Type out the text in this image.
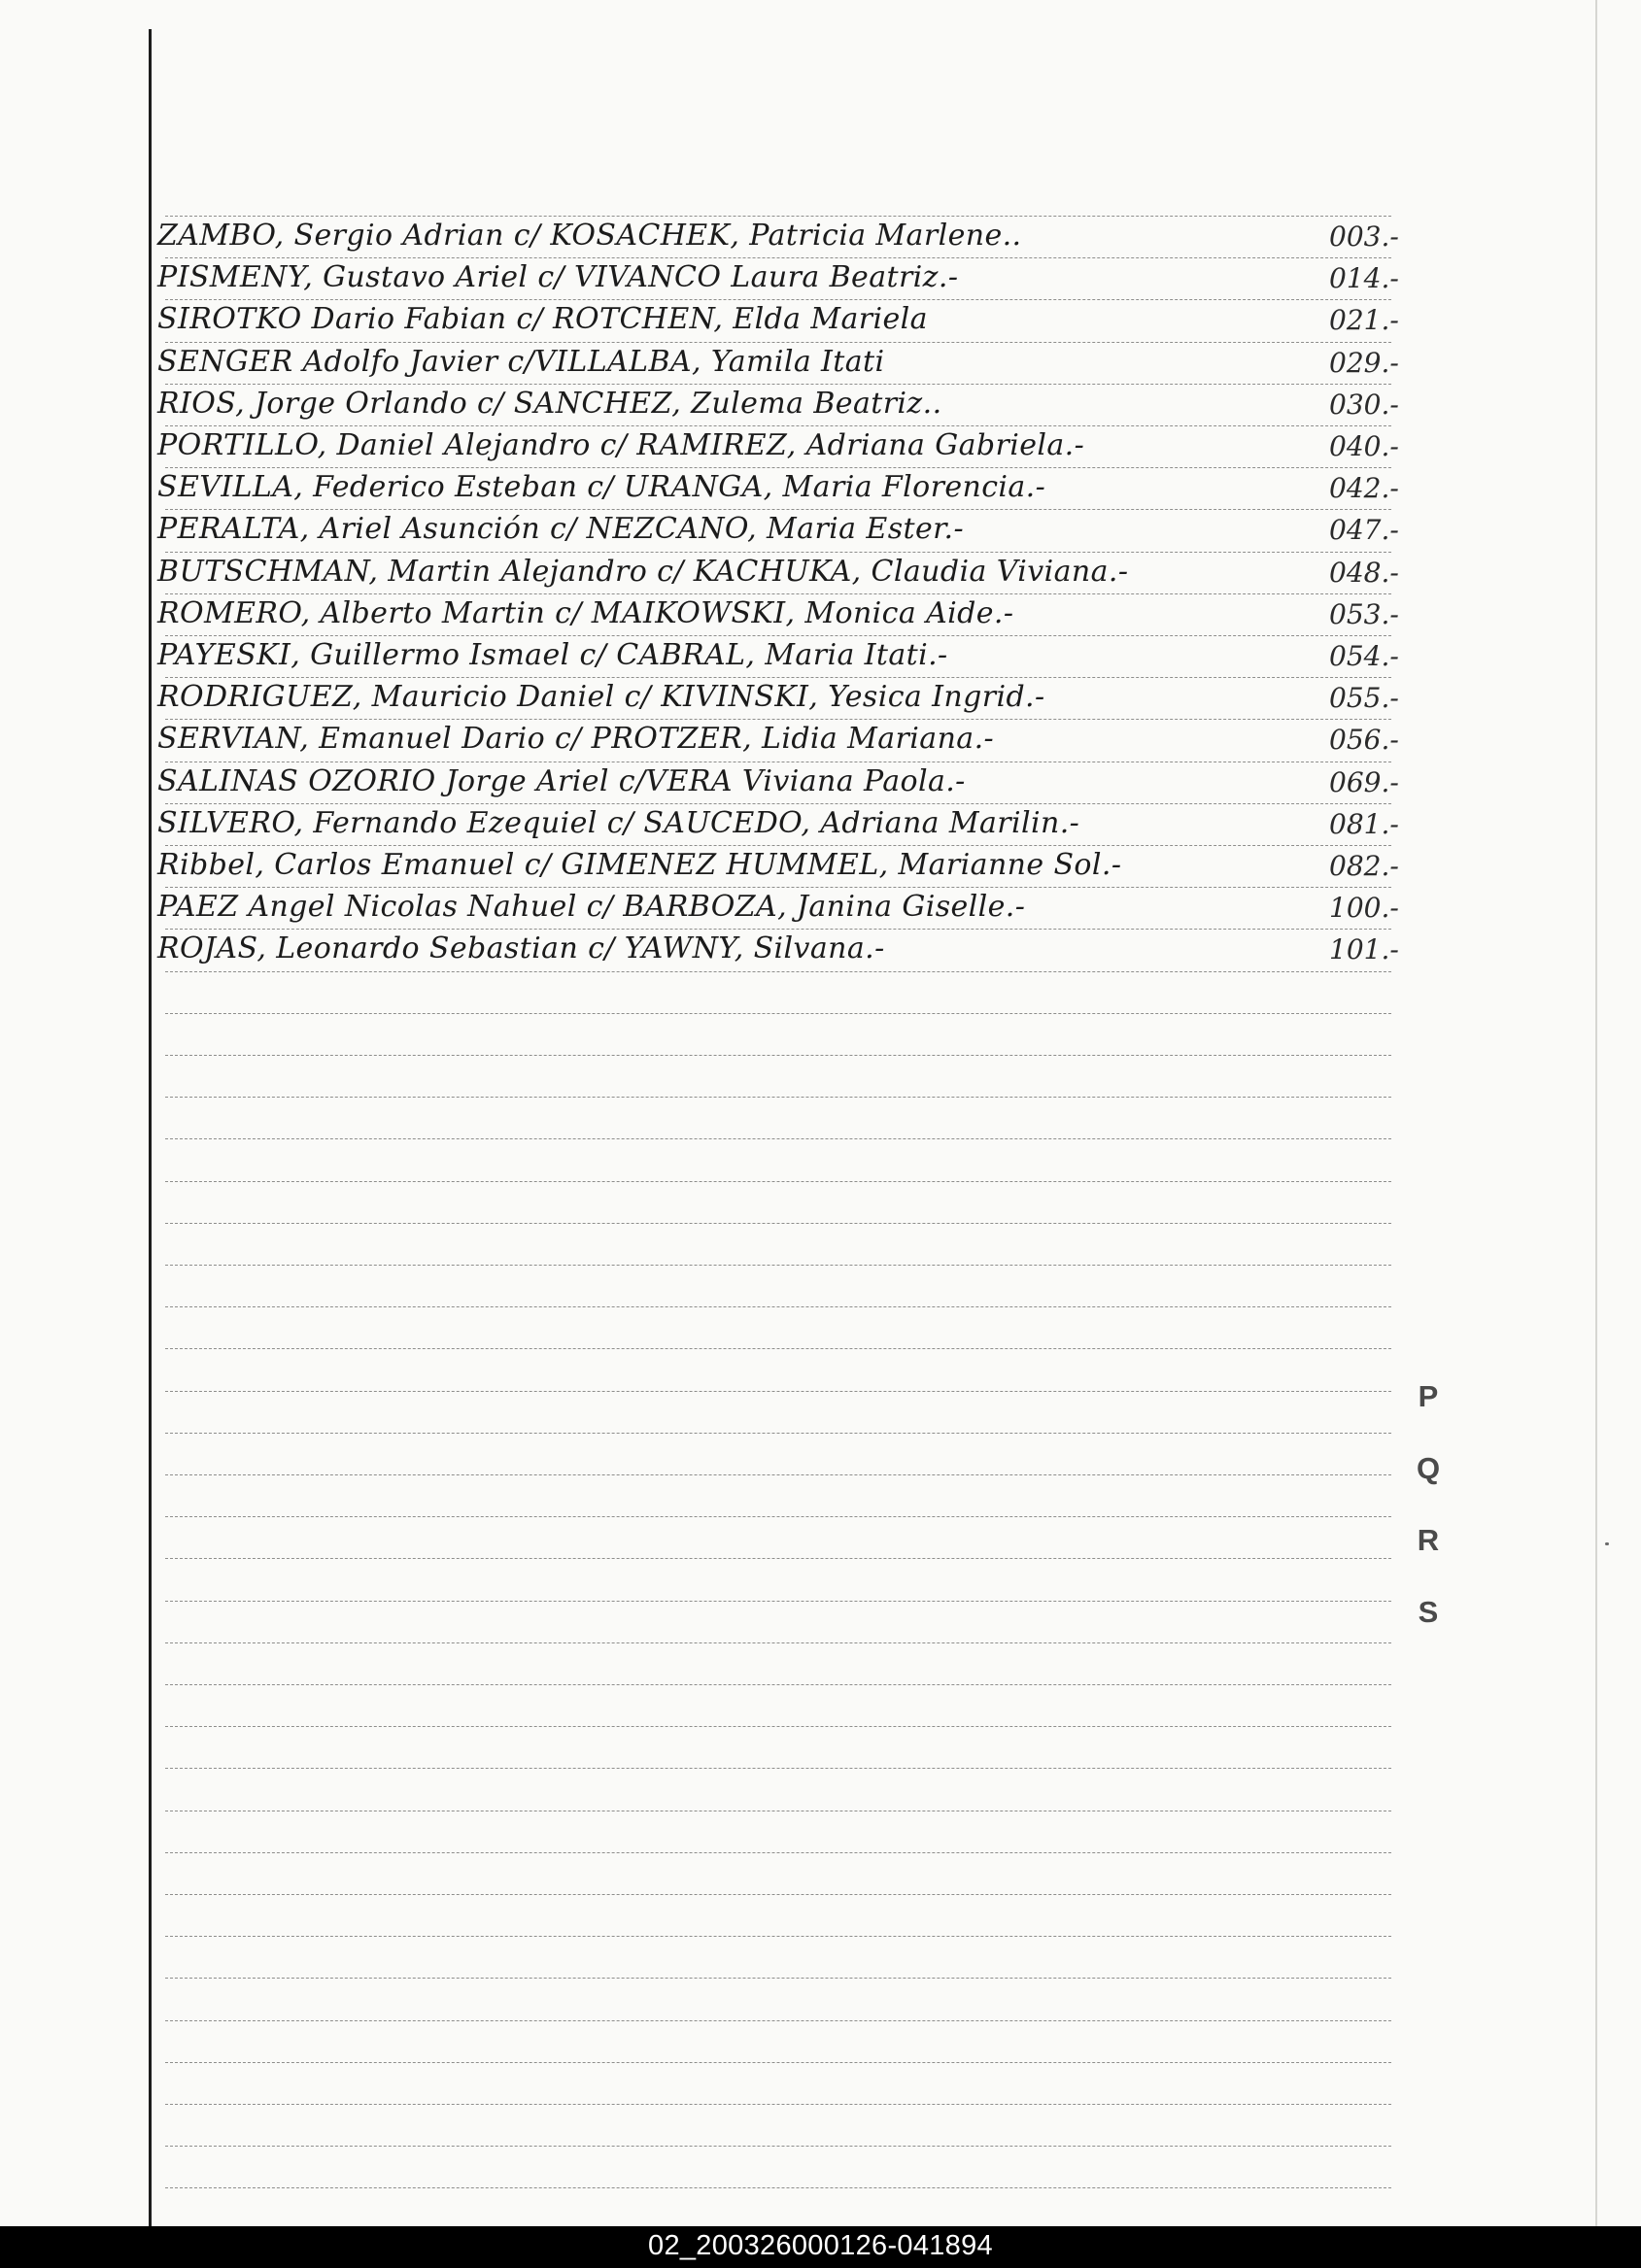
ZAMBO, Sergio Adrian c/ KOSACHEK, Patricia Marlene..	003.-
PISMENY, Gustavo Ariel c/ VIVANCO Laura Beatriz.-	014.-
SIROTKO Dario Fabian c/ ROTCHEN, Elda Mariela	021.-
SENGER Adolfo Javier c/VILLALBA, Yamila Itati	029.-
RIOS, Jorge Orlando c/ SANCHEZ, Zulema Beatriz..	030.-
PORTILLO, Daniel Alejandro c/ RAMIREZ, Adriana Gabriela.-	040.-
SEVILLA, Federico Esteban c/ URANGA, Maria Florencia.-	042.-
PERALTA, Ariel Asunción c/ NEZCANO, Maria Ester.-	047.-
BUTSCHMAN, Martin Alejandro c/ KACHUKA, Claudia Viviana.-	048.-
ROMERO, Alberto Martin c/ MAIKOWSKI, Monica Aide.-	053.-
PAYESKI, Guillermo Ismael c/ CABRAL, Maria Itati.-	054.-
RODRIGUEZ, Mauricio Daniel c/ KIVINSKI, Yesica Ingrid.-	055.-
SERVIAN, Emanuel Dario c/ PROTZER, Lidia Mariana.-	056.-
SALINAS OZORIO Jorge Ariel c/VERA Viviana Paola.-	069.-
SILVERO, Fernando Ezequiel c/ SAUCEDO, Adriana Marilin.-	081.-
Ribbel, Carlos Emanuel c/ GIMENEZ HUMMEL, Marianne Sol.-	082.-
PAEZ Angel Nicolas Nahuel c/ BARBOZA, Janina Giselle.-	100.-
ROJAS, Leonardo Sebastian c/ YAWNY, Silvana.-	101.-
P
Q
R
S
02_200326000126-041894
